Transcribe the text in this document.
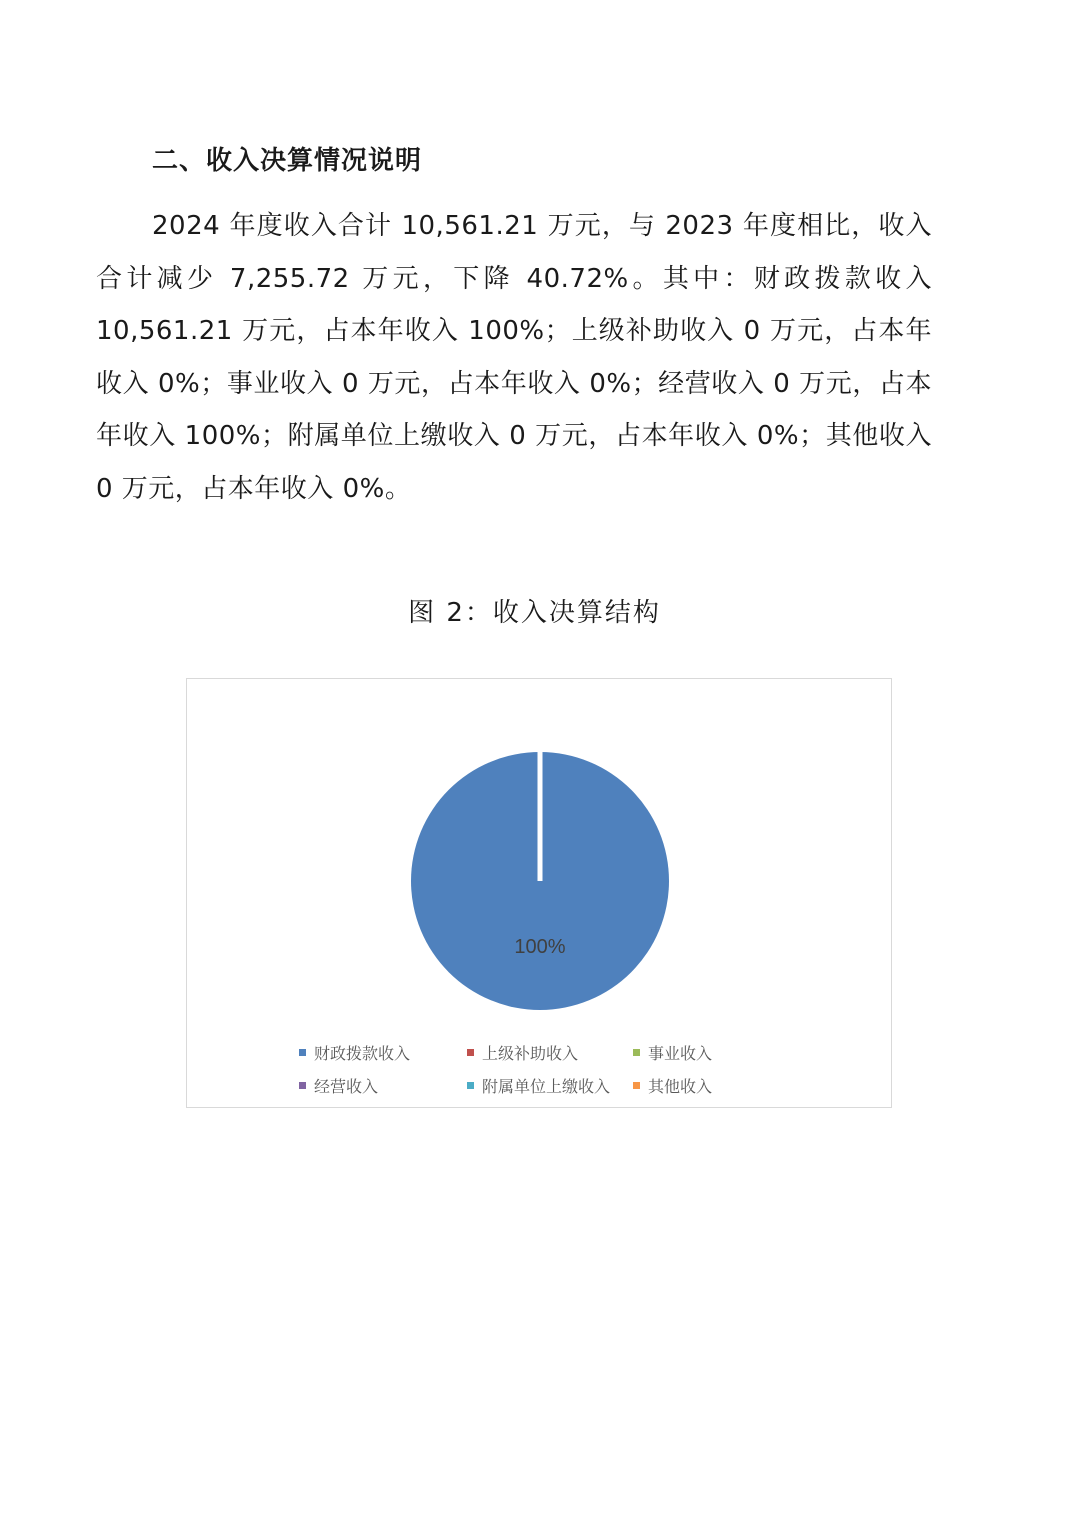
二、收入决算情况说明

2024 年度收入合计 10,561.21 万元，与 2023 年度相比，收入合计减少 7,255.72 万元，下降 40.72%。其中：财政拨款收入 10,561.21 万元，占本年收入 100%；上级补助收入 0 万元，占本年收入 0%；事业收入 0 万元，占本年收入 0%；经营收入 0 万元，占本年收入 100%；附属单位上缴收入 0 万元，占本年收入 0%；其他收入 0 万元，占本年收入 0%。

图 2：收入决算结构

100%
财政拨款收入	上级补助收入	事业收入
经营收入	附属单位上缴收入 其他收入
